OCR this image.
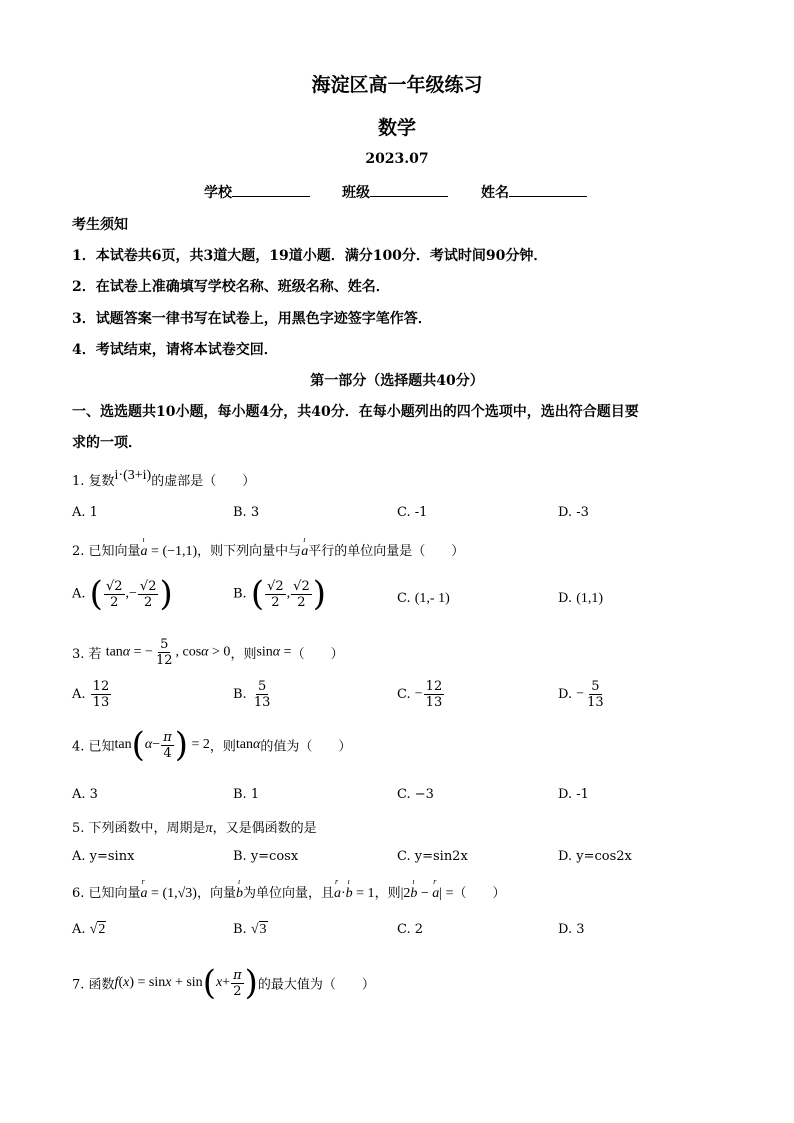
海淀区高一年级练习
数学
2023.07
学校	班级	姓名
考生须知
1．本试卷共6页，共3道大题，19道小题．满分100分．考试时间90分钟．
2．在试卷上准确填写学校名称、班级名称、姓名．
3．试题答案一律书写在试卷上，用黑色字迹签字笔作答．
4．考试结束，请将本试卷交回．
第一部分（选择题共40分）
一、选选题共10小题，每小题4分，共40分．在每小题列出的四个选项中，选出符合题目要
求的一项．
1. 复数i·(3+i)的虚部是（　　）
A. 1	B. 3	C. -1	D. -3
2. 已知向量ı a = (−1,1)，则下列向量中与ı a平行的单位向量是（　　）
A. ( $\frac{√2}{2}$ ,− $\frac{√2}{2}$ )	B. ( $\frac{√2}{2}$ , $\frac{√2}{2}$ )	C. (1,- 1)	D. (1,1)
3. 若 tanα = − $\frac{5}{12}$ , cosα > 0，则sinα =（　　）
A. $\frac{12}{13}$	B. $\frac{5}{13}$	C. − $\frac{12}{13}$	D. − $\frac{5}{13}$
4. 已知$\tan(\alpha- \frac{\pi}{4}$ ) = 2，则tanα的值为（　　）
A. 3	B. 1	C. −3	D. -1
5. 下列函数中，周期是π，又是偶函数的是
A. y=sinx	B. y=cosx	C. y=sin2x	D. y=cos2x
6. 已知向量r a = (1,√3)，向量ı b为单位向量，且r a·ı b = 1，则|2ı b − r a| =（　　）
A. √2	B. √3	C. 2	D. 3
7. 函数$f(x) = \sin x + \sin(x+ \frac{\pi}{2}$ )的最大值为（　　）
